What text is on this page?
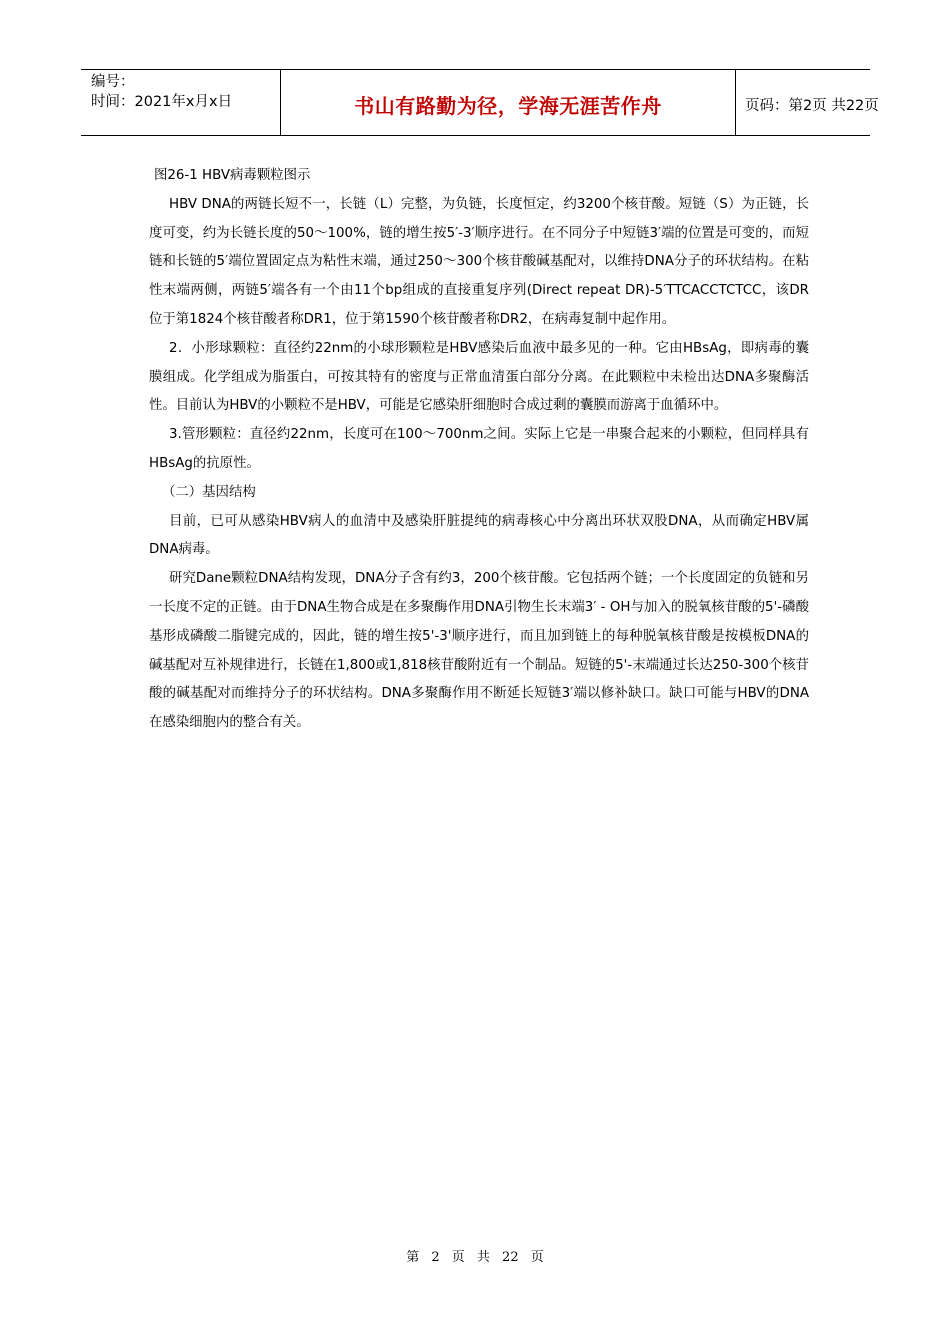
编号：
时间：2021年x月x日	书山有路勤为径，学海无涯苦作舟	页码：第2页 共22页

图26-1 HBV病毒颗粒图示

HBV DNA的两链长短不一，长链（L）完整，为负链，长度恒定，约3200个核苷酸。短链（S）为正链，长度可变，约为长链长度的50～100%，链的增生按5′-3′顺序进行。在不同分子中短链3′端的位置是可变的，而短链和长链的5′端位置固定点为粘性末端，通过250～300个核苷酸碱基配对，以维持DNA分子的环状结构。在粘性末端两侧，两链5′端各有一个由11个bp组成的直接重复序列(Direct repeat DR)-5′TTCACCTCTCC，该DR位于第1824个核苷酸者称DR1，位于第1590个核苷酸者称DR2，在病毒复制中起作用。

2．小形球颗粒：直径约22nm的小球形颗粒是HBV感染后血液中最多见的一种。它由HBsAg，即病毒的囊膜组成。化学组成为脂蛋白，可按其特有的密度与正常血清蛋白部分分离。在此颗粒中未检出达DNA多聚酶活性。目前认为HBV的小颗粒不是HBV，可能是它感染肝细胞时合成过剩的囊膜而游离于血循环中。

3.管形颗粒：直径约22nm，长度可在100～700nm之间。实际上它是一串聚合起来的小颗粒，但同样具有HBsAg的抗原性。

（二）基因结构

目前，已可从感染HBV病人的血清中及感染肝脏提纯的病毒核心中分离出环状双股DNA，从而确定HBV属DNA病毒。

研究Dane颗粒DNA结构发现，DNA分子含有约3，200个核苷酸。它包括两个链；一个长度固定的负链和另一长度不定的正链。由于DNA生物合成是在多聚酶作用DNA引物生长末端3′ - OH与加入的脱氧核苷酸的5'-磷酸基形成磷酸二脂键完成的，因此，链的增生按5'-3'顺序进行，而且加到链上的每种脱氧核苷酸是按模板DNA的碱基配对互补规律进行，长链在1,800或1,818核苷酸附近有一个制品。短链的5'-末端通过长达250-300个核苷酸的碱基配对而维持分子的环状结构。DNA多聚酶作用不断延长短链3′端以修补缺口。缺口可能与HBV的DNA在感染细胞内的整合有关。

第 2 页 共 22 页
